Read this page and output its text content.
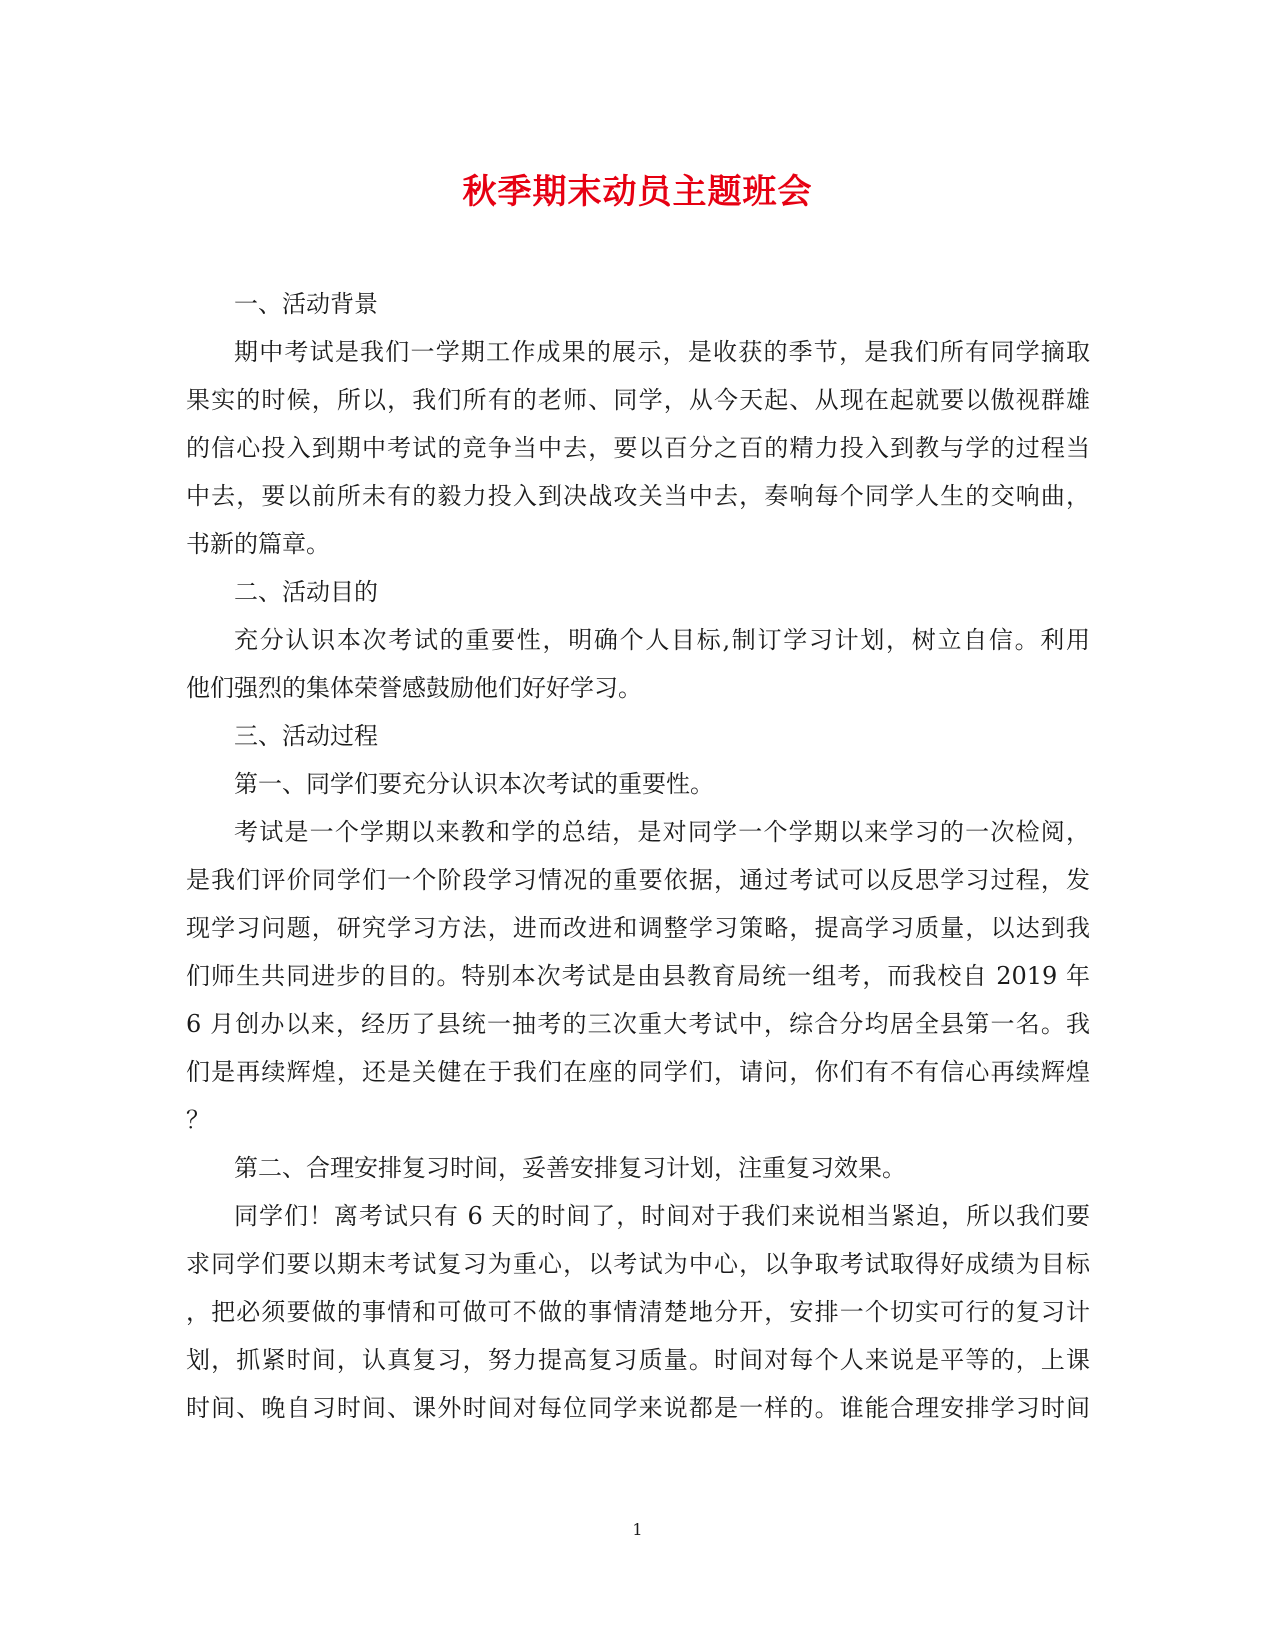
秋季期末动员主题班会
一、活动背景
期中考试是我们一学期工作成果的展示，是收获的季节，是我们所有同学摘取
果实的时候，所以，我们所有的老师、同学，从今天起、从现在起就要以傲视群雄
的信心投入到期中考试的竞争当中去，要以百分之百的精力投入到教与学的过程当
中去，要以前所未有的毅力投入到决战攻关当中去，奏响每个同学人生的交响曲，
书新的篇章。
二、活动目的
充分认识本次考试的重要性，明确个人目标,制订学习计划，树立自信。利用
他们强烈的集体荣誉感鼓励他们好好学习。
三、活动过程
第一、同学们要充分认识本次考试的重要性。
考试是一个学期以来教和学的总结，是对同学一个学期以来学习的一次检阅，
是我们评价同学们一个阶段学习情况的重要依据，通过考试可以反思学习过程，发
现学习问题，研究学习方法，进而改进和调整学习策略，提高学习质量，以达到我
们师生共同进步的目的。特别本次考试是由县教育局统一组考，而我校自 2019 年
6 月创办以来，经历了县统一抽考的三次重大考试中，综合分均居全县第一名。我
们是再续辉煌，还是关健在于我们在座的同学们，请问，你们有不有信心再续辉煌
？
第二、合理安排复习时间，妥善安排复习计划，注重复习效果。
同学们！离考试只有 6 天的时间了，时间对于我们来说相当紧迫，所以我们要
求同学们要以期末考试复习为重心，以考试为中心，以争取考试取得好成绩为目标
，把必须要做的事情和可做可不做的事情清楚地分开，安排一个切实可行的复习计
划，抓紧时间，认真复习，努力提高复习质量。时间对每个人来说是平等的，上课
时间、晚自习时间、课外时间对每位同学来说都是一样的。谁能合理安排学习时间
1
